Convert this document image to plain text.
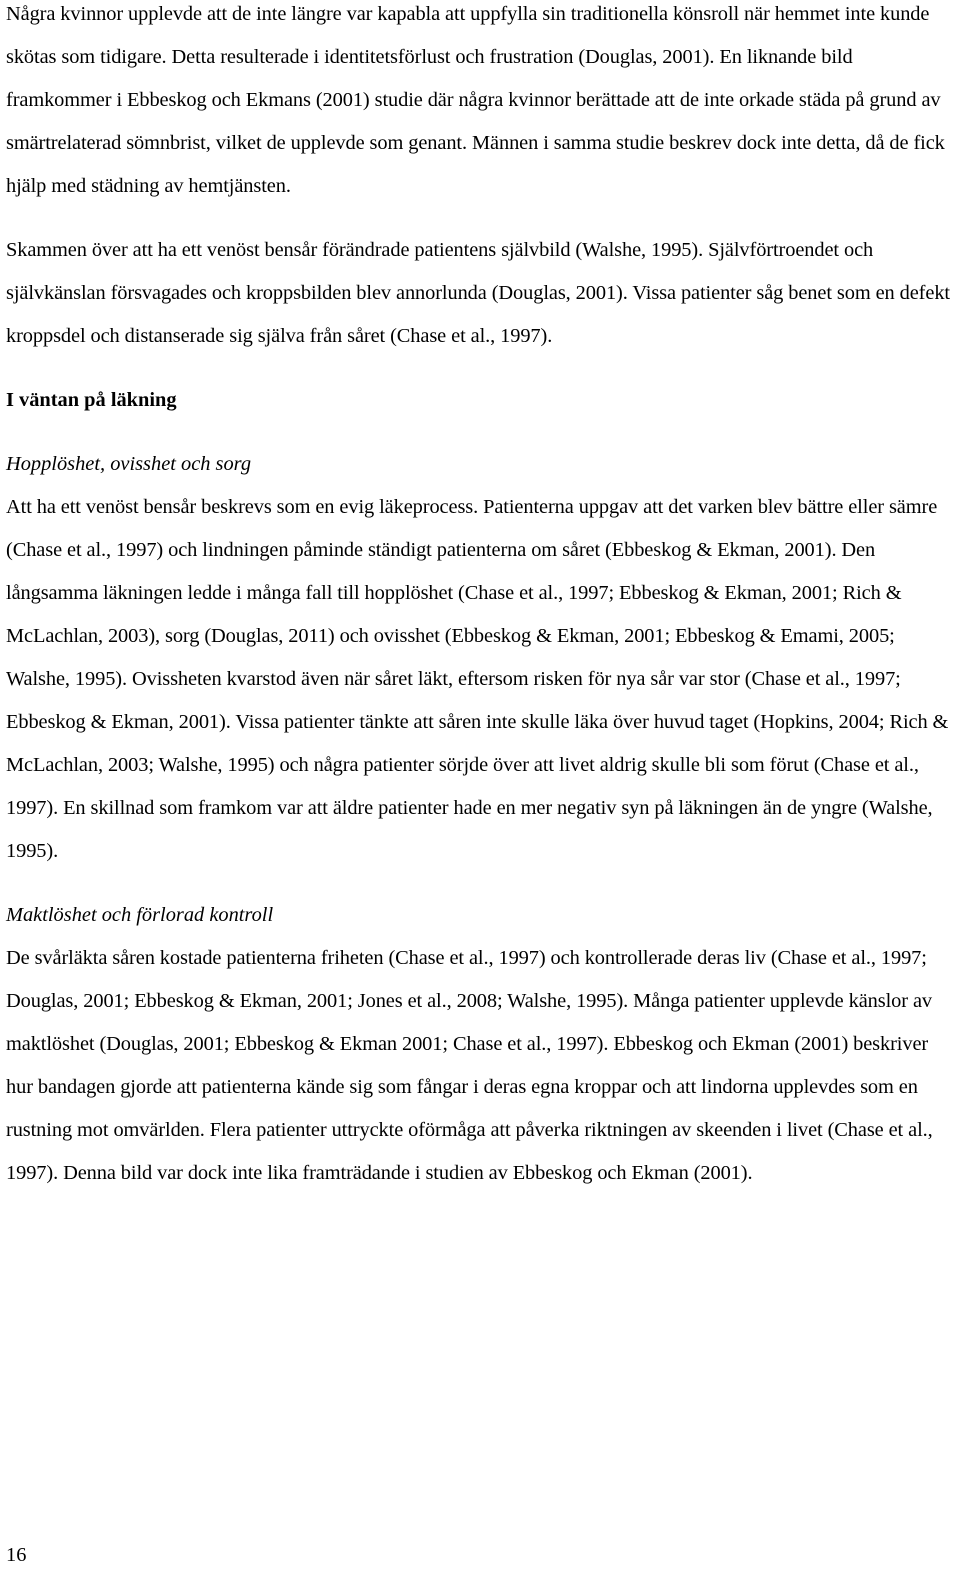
Några kvinnor upplevde att de inte längre var kapabla att uppfylla sin traditionella könsroll när hemmet inte kunde skötas som tidigare. Detta resulterade i identitetsförlust och frustration (Douglas, 2001). En liknande bild framkommer i Ebbeskog och Ekmans (2001) studie där några kvinnor berättade att de inte orkade städa på grund av smärtrelaterad sömnbrist, vilket de upplevde som genant. Männen i samma studie beskrev dock inte detta, då de fick hjälp med städning av hemtjänsten.

Skammen över att ha ett venöst bensår förändrade patientens självbild (Walshe, 1995). Självförtroendet och självkänslan försvagades och kroppsbilden blev annorlunda (Douglas, 2001). Vissa patienter såg benet som en defekt kroppsdel och distanserade sig själva från såret (Chase et al., 1997).

I väntan på läkning

Hopplöshet, ovisshet och sorg

Att ha ett venöst bensår beskrevs som en evig läkeprocess. Patienterna uppgav att det varken blev bättre eller sämre (Chase et al., 1997) och lindningen påminde ständigt patienterna om såret (Ebbeskog & Ekman, 2001). Den långsamma läkningen ledde i många fall till hopplöshet (Chase et al., 1997; Ebbeskog & Ekman, 2001; Rich & McLachlan, 2003), sorg (Douglas, 2011) och ovisshet (Ebbeskog & Ekman, 2001; Ebbeskog & Emami, 2005; Walshe, 1995). Ovissheten kvarstod även när såret läkt, eftersom risken för nya sår var stor (Chase et al., 1997; Ebbeskog & Ekman, 2001). Vissa patienter tänkte att såren inte skulle läka över huvud taget (Hopkins, 2004; Rich & McLachlan, 2003; Walshe, 1995) och några patienter sörjde över att livet aldrig skulle bli som förut (Chase et al., 1997). En skillnad som framkom var att äldre patienter hade en mer negativ syn på läkningen än de yngre (Walshe, 1995).

Maktlöshet och förlorad kontroll

De svårläkta såren kostade patienterna friheten (Chase et al., 1997) och kontrollerade deras liv (Chase et al., 1997; Douglas, 2001; Ebbeskog & Ekman, 2001; Jones et al., 2008; Walshe, 1995). Många patienter upplevde känslor av maktlöshet (Douglas, 2001; Ebbeskog & Ekman 2001; Chase et al., 1997). Ebbeskog och Ekman (2001) beskriver hur bandagen gjorde att patienterna kände sig som fångar i deras egna kroppar och att lindorna upplevdes som en rustning mot omvärlden. Flera patienter uttryckte oförmåga att påverka riktningen av skeenden i livet (Chase et al., 1997). Denna bild var dock inte lika framträdande i studien av Ebbeskog och Ekman (2001).

16
